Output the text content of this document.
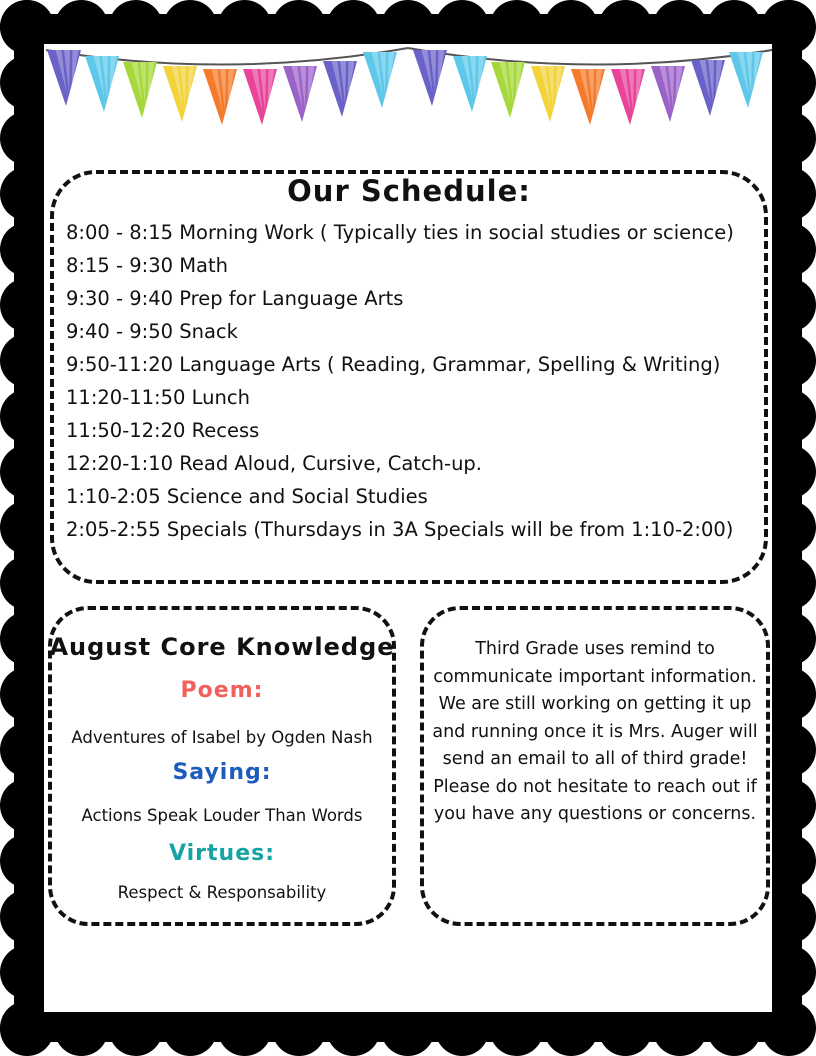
Our Schedule:
8:00 - 8:15 Morning Work ( Typically ties in social studies or science)
8:15 - 9:30 Math
9:30 - 9:40 Prep for Language Arts
9:40 - 9:50 Snack
9:50-11:20 Language Arts ( Reading, Grammar, Spelling & Writing)
11:20-11:50 Lunch
11:50-12:20 Recess
12:20-1:10 Read Aloud, Cursive, Catch-up.
1:10-2:05 Science and Social Studies
2:05-2:55 Specials (Thursdays in 3A Specials will be from 1:10-2:00)
August Core Knowledge
Poem:
Adventures of Isabel by Ogden Nash
Saying:
Actions Speak Louder Than Words
Virtues:
Respect & Responsability
Third Grade uses remind to communicate important information. We are still working on getting it up and running once it is Mrs. Auger will send an email to all of third grade! Please do not hesitate to reach out if you have any questions or concerns.
